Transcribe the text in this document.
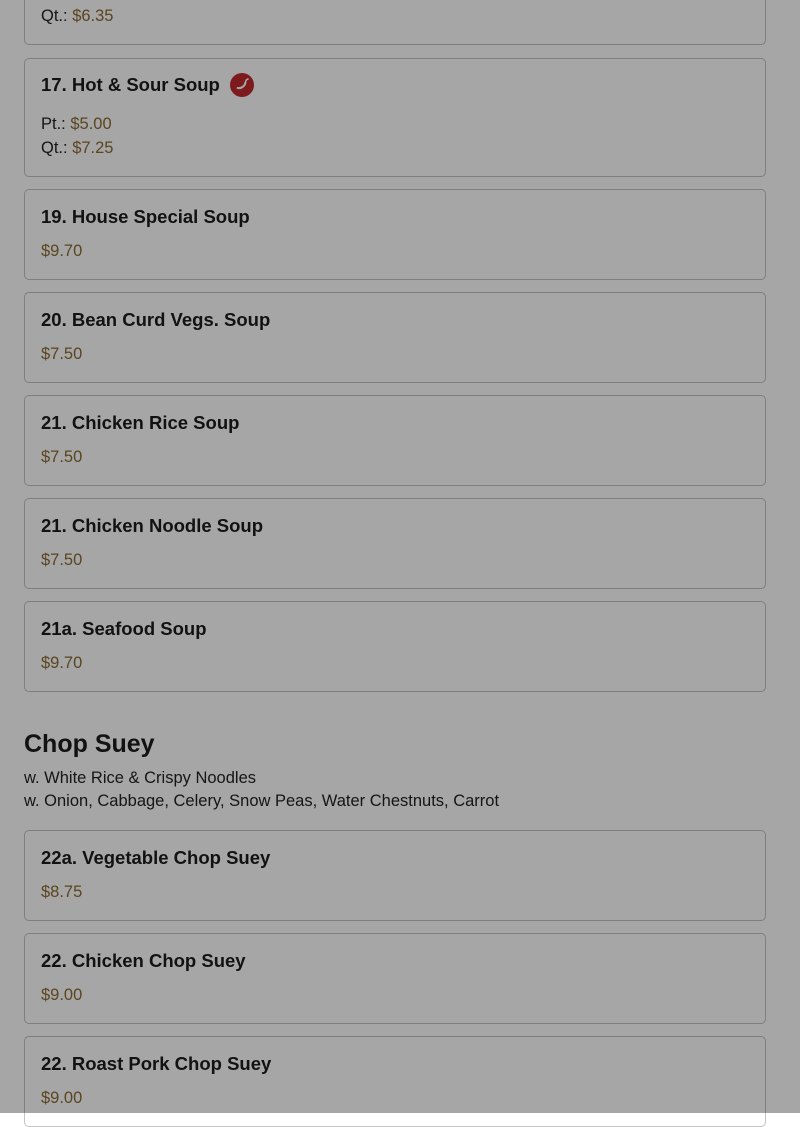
Qt.: $6.35
17. Hot & Sour Soup
Pt.: $5.00
Qt.: $7.25
19. House Special Soup
$9.70
20. Bean Curd Vegs. Soup
$7.50
21. Chicken Rice Soup
$7.50
21. Chicken Noodle Soup
$7.50
21a. Seafood Soup
$9.70
Chop Suey
w. White Rice & Crispy Noodles
w. Onion, Cabbage, Celery, Snow Peas, Water Chestnuts, Carrot
22a. Vegetable Chop Suey
$8.75
22. Chicken Chop Suey
$9.00
22. Roast Pork Chop Suey
$9.00
